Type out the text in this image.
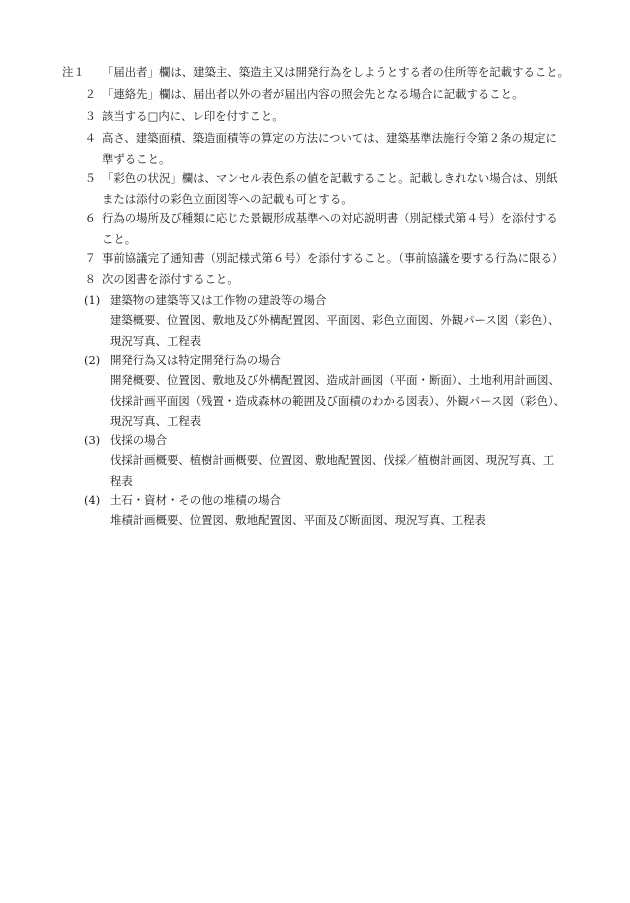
注１	「届出者」欄は、建築主、築造主又は開発行為をしようとする者の住所等を記載すること。
２ 「連絡先」欄は、届出者以外の者が届出内容の照会先となる場合に記載すること。
３ 該当する□内に、レ印を付すこと。
４ 高さ、建築面積、築造面積等の算定の方法については、建築基準法施行令第２条の規定に
準ずること。
５ 「彩色の状況」欄は、マンセル表色系の値を記載すること。記載しきれない場合は、別紙
または添付の彩色立面図等への記載も可とする。
６ 行為の場所及び種類に応じた景観形成基準への対応説明書（別記様式第４号）を添付する
こと。
７ 事前協議完了通知書（別記様式第６号）を添付すること。（事前協議を要する行為に限る）
８ 次の図書を添付すること。
(1) 建築物の建築等又は工作物の建設等の場合
建築概要、位置図、敷地及び外構配置図、平面図、彩色立面図、外観パース図（彩色）、
現況写真、工程表
(2) 開発行為又は特定開発行為の場合
開発概要、位置図、敷地及び外構配置図、造成計画図（平面・断面）、土地利用計画図、
伐採計画平面図（残置・造成森林の範囲及び面積のわかる図表）、外観パース図（彩色）、
現況写真、工程表
(3) 伐採の場合
伐採計画概要、植樹計画概要、位置図、敷地配置図、伐採／植樹計画図、現況写真、工
程表
(4) 土石・資材・その他の堆積の場合
堆積計画概要、位置図、敷地配置図、平面及び断面図、現況写真、工程表
